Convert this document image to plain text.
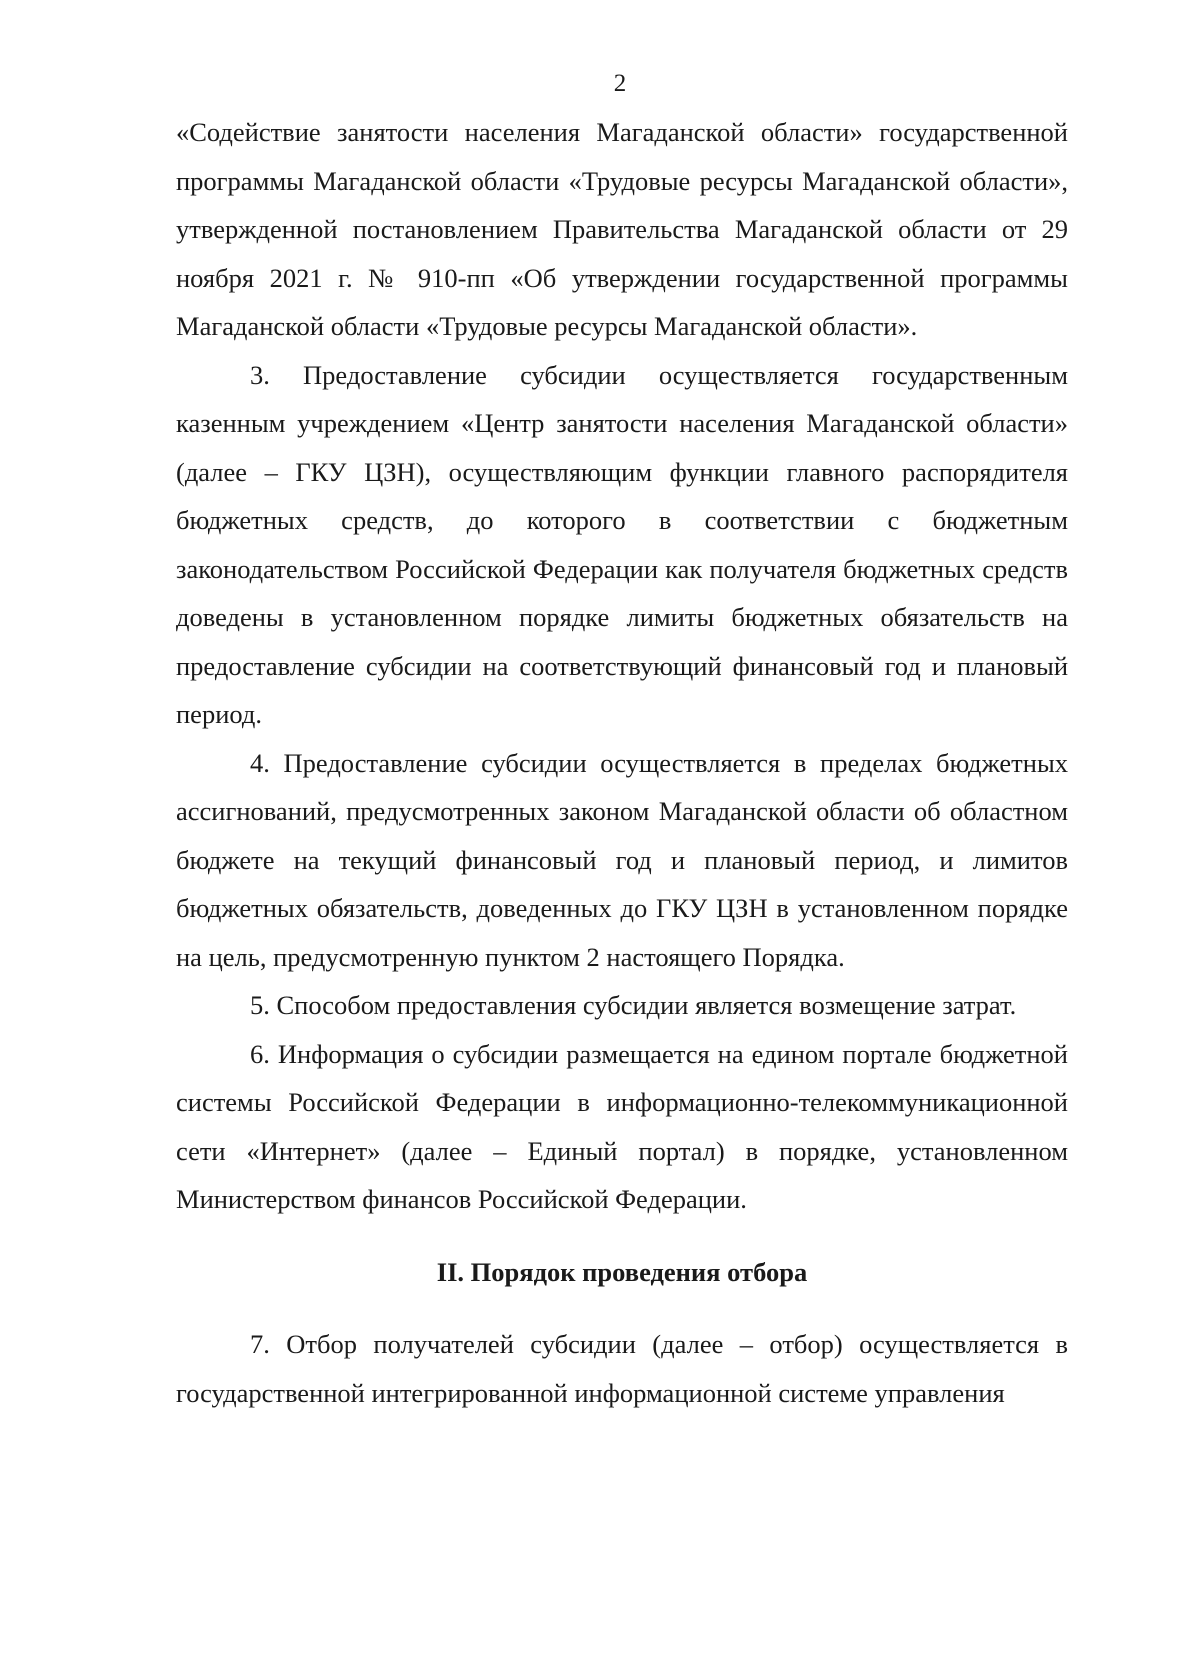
2

«Содействие занятости населения Магаданской области» государственной программы Магаданской области «Трудовые ресурсы Магаданской области», утвержденной постановлением Правительства Магаданской области от 29 ноября 2021 г. № 910-пп «Об утверждении государственной программы Магаданской области «Трудовые ресурсы Магаданской области».

3. Предоставление субсидии осуществляется государственным казенным учреждением «Центр занятости населения Магаданской области» (далее – ГКУ ЦЗН), осуществляющим функции главного распорядителя бюджетных средств, до которого в соответствии с бюджетным законодательством Российской Федерации как получателя бюджетных средств доведены в установленном порядке лимиты бюджетных обязательств на предоставление субсидии на соответствующий финансовый год и плановый период.

4. Предоставление субсидии осуществляется в пределах бюджетных ассигнований, предусмотренных законом Магаданской области об областном бюджете на текущий финансовый год и плановый период, и лимитов бюджетных обязательств, доведенных до ГКУ ЦЗН в установленном порядке на цель, предусмотренную пунктом 2 настоящего Порядка.

5. Способом предоставления субсидии является возмещение затрат.

6. Информация о субсидии размещается на едином портале бюджетной системы Российской Федерации в информационно-телекоммуникационной сети «Интернет» (далее – Единый портал) в порядке, установленном Министерством финансов Российской Федерации.

II. Порядок проведения отбора

7. Отбор получателей субсидии (далее – отбор) осуществляется в государственной интегрированной информационной системе управления
